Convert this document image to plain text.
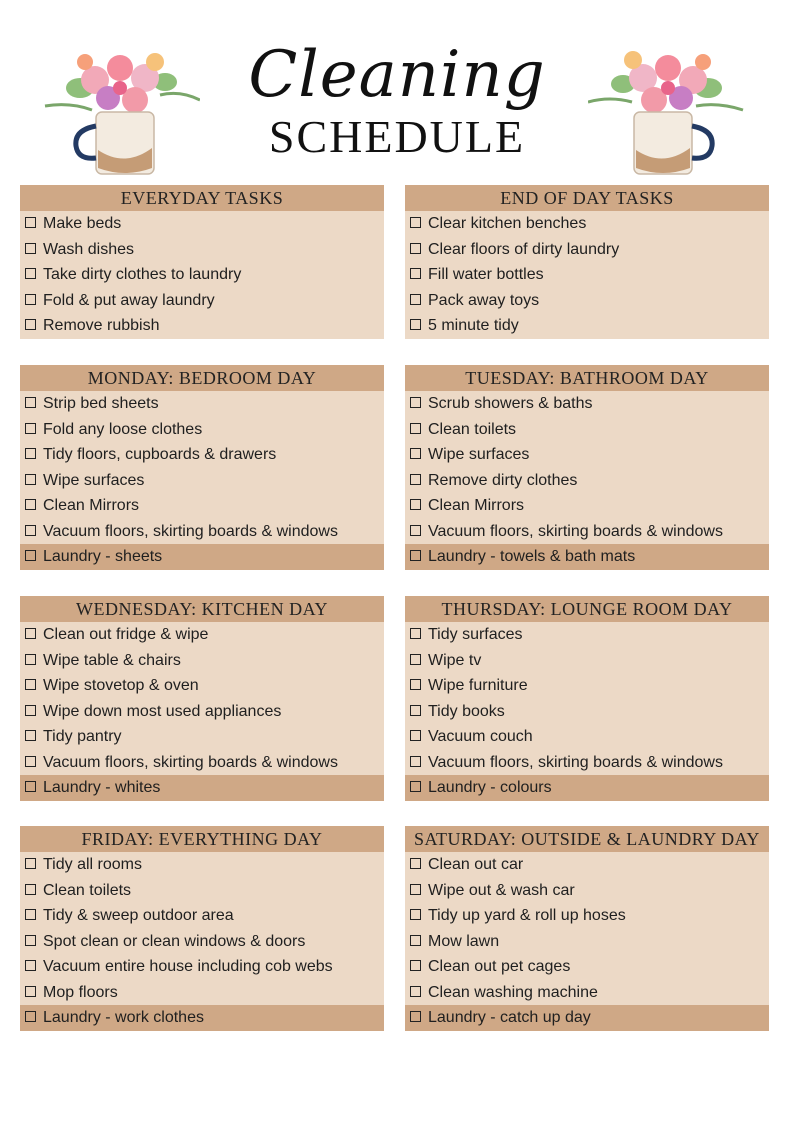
Cleaning
SCHEDULE
EVERYDAY TASKS
Make beds
Wash dishes
Take dirty clothes to laundry
Fold & put away laundry
Remove rubbish
END OF DAY TASKS
Clear kitchen benches
Clear floors of dirty laundry
Fill water bottles
Pack away toys
5 minute tidy
MONDAY: BEDROOM DAY
Strip bed sheets
Fold any loose clothes
Tidy floors, cupboards & drawers
Wipe surfaces
Clean Mirrors
Vacuum floors, skirting boards & windows
Laundry - sheets
TUESDAY: BATHROOM DAY
Scrub showers & baths
Clean toilets
Wipe surfaces
Remove dirty clothes
Clean Mirrors
Vacuum floors, skirting boards & windows
Laundry - towels & bath mats
WEDNESDAY: KITCHEN DAY
Clean out fridge & wipe
Wipe table & chairs
Wipe stovetop & oven
Wipe down most used appliances
Tidy pantry
Vacuum floors, skirting boards & windows
Laundry - whites
THURSDAY: LOUNGE ROOM DAY
Tidy surfaces
Wipe tv
Wipe furniture
Tidy books
Vacuum couch
Vacuum floors, skirting boards & windows
Laundry - colours
FRIDAY: EVERYTHING DAY
Tidy all rooms
Clean toilets
Tidy & sweep outdoor area
Spot clean or clean windows & doors
Vacuum entire house including cob webs
Mop floors
Laundry - work clothes
SATURDAY: OUTSIDE & LAUNDRY DAY
Clean out car
Wipe out & wash car
Tidy up yard & roll up hoses
Mow lawn
Clean out pet cages
Clean washing machine
Laundry - catch up day
